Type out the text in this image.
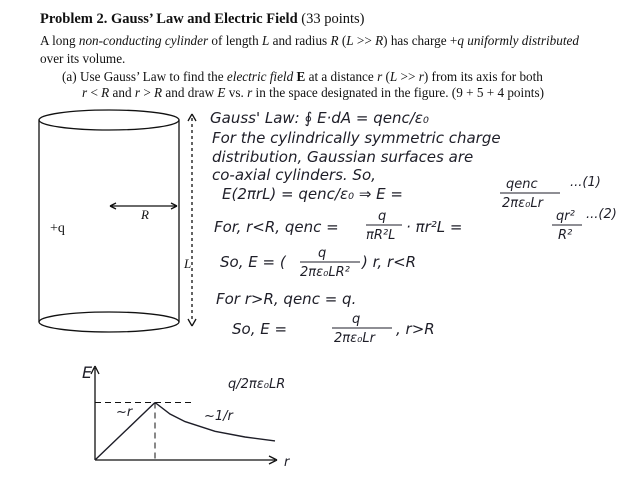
Problem 2. Gauss’ Law and Electric Field (33 points)
A long non-conducting cylinder of length L and radius R (L >> R) has charge +q uniformly distributed over its volume.
(a) Use Gauss’ Law to find the electric field E at a distance r (L >> r) from its axis for both
r < R and r > R and draw E vs. r in the space designated in the figure. (9 + 5 + 4 points)
+q
R
L
Gauss' Law: ∮ E·dA = qenc/ε₀
For the cylindrically symmetric charge
distribution, Gaussian surfaces are
co-axial cylinders. So,
E(2πrL) = qenc/ε₀ ⇒ E =
qenc
2πε₀Lr
...(1)
For, r<R, qenc =
q
πR²L · πr²L =
qr²
R²
...(2)
So, E = ( q
2πε₀LR²
) r, r<R
For r>R, qenc = q.
So, E =
q
2πε₀Lr
, r>R
E
r
q/2πε₀LR
~r	~1/r
